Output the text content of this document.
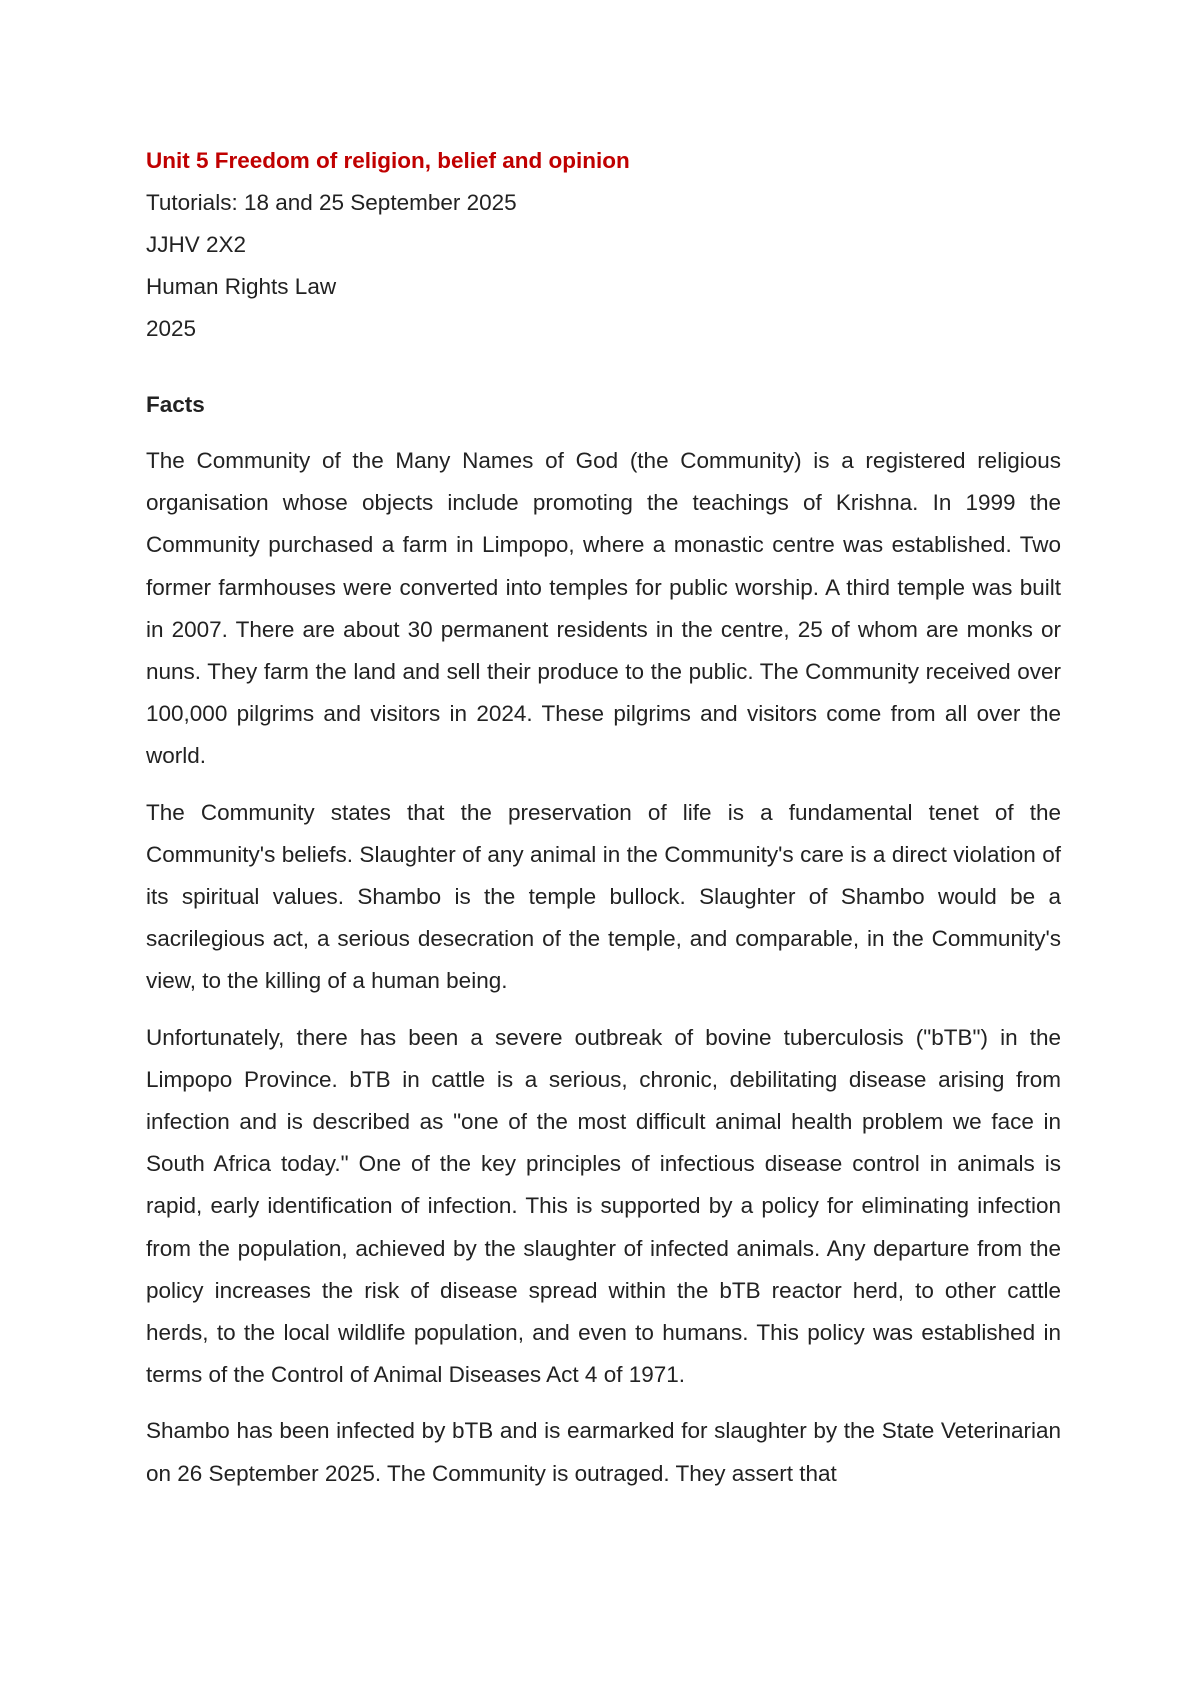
Unit 5 Freedom of religion, belief and opinion

Tutorials: 18 and 25 September 2025

JJHV 2X2

Human Rights Law

2025

Facts

The Community of the Many Names of God (the Community) is a registered religious organisation whose objects include promoting the teachings of Krishna. In 1999 the Community purchased a farm in Limpopo, where a monastic centre was established. Two former farmhouses were converted into temples for public worship. A third temple was built in 2007. There are about 30 permanent residents in the centre, 25 of whom are monks or nuns. They farm the land and sell their produce to the public. The Community received over 100,000 pilgrims and visitors in 2024. These pilgrims and visitors come from all over the world.

The Community states that the preservation of life is a fundamental tenet of the Community's beliefs. Slaughter of any animal in the Community's care is a direct violation of its spiritual values. Shambo is the temple bullock. Slaughter of Shambo would be a sacrilegious act, a serious desecration of the temple, and comparable, in the Community's view, to the killing of a human being.

Unfortunately, there has been a severe outbreak of bovine tuberculosis ("bTB") in the Limpopo Province. bTB in cattle is a serious, chronic, debilitating disease arising from infection and is described as "one of the most difficult animal health problem we face in South Africa today." One of the key principles of infectious disease control in animals is rapid, early identification of infection. This is supported by a policy for eliminating infection from the population, achieved by the slaughter of infected animals. Any departure from the policy increases the risk of disease spread within the bTB reactor herd, to other cattle herds, to the local wildlife population, and even to humans. This policy was established in terms of the Control of Animal Diseases Act 4 of 1971.

Shambo has been infected by bTB and is earmarked for slaughter by the State Veterinarian on 26 September 2025. The Community is outraged. They assert that
